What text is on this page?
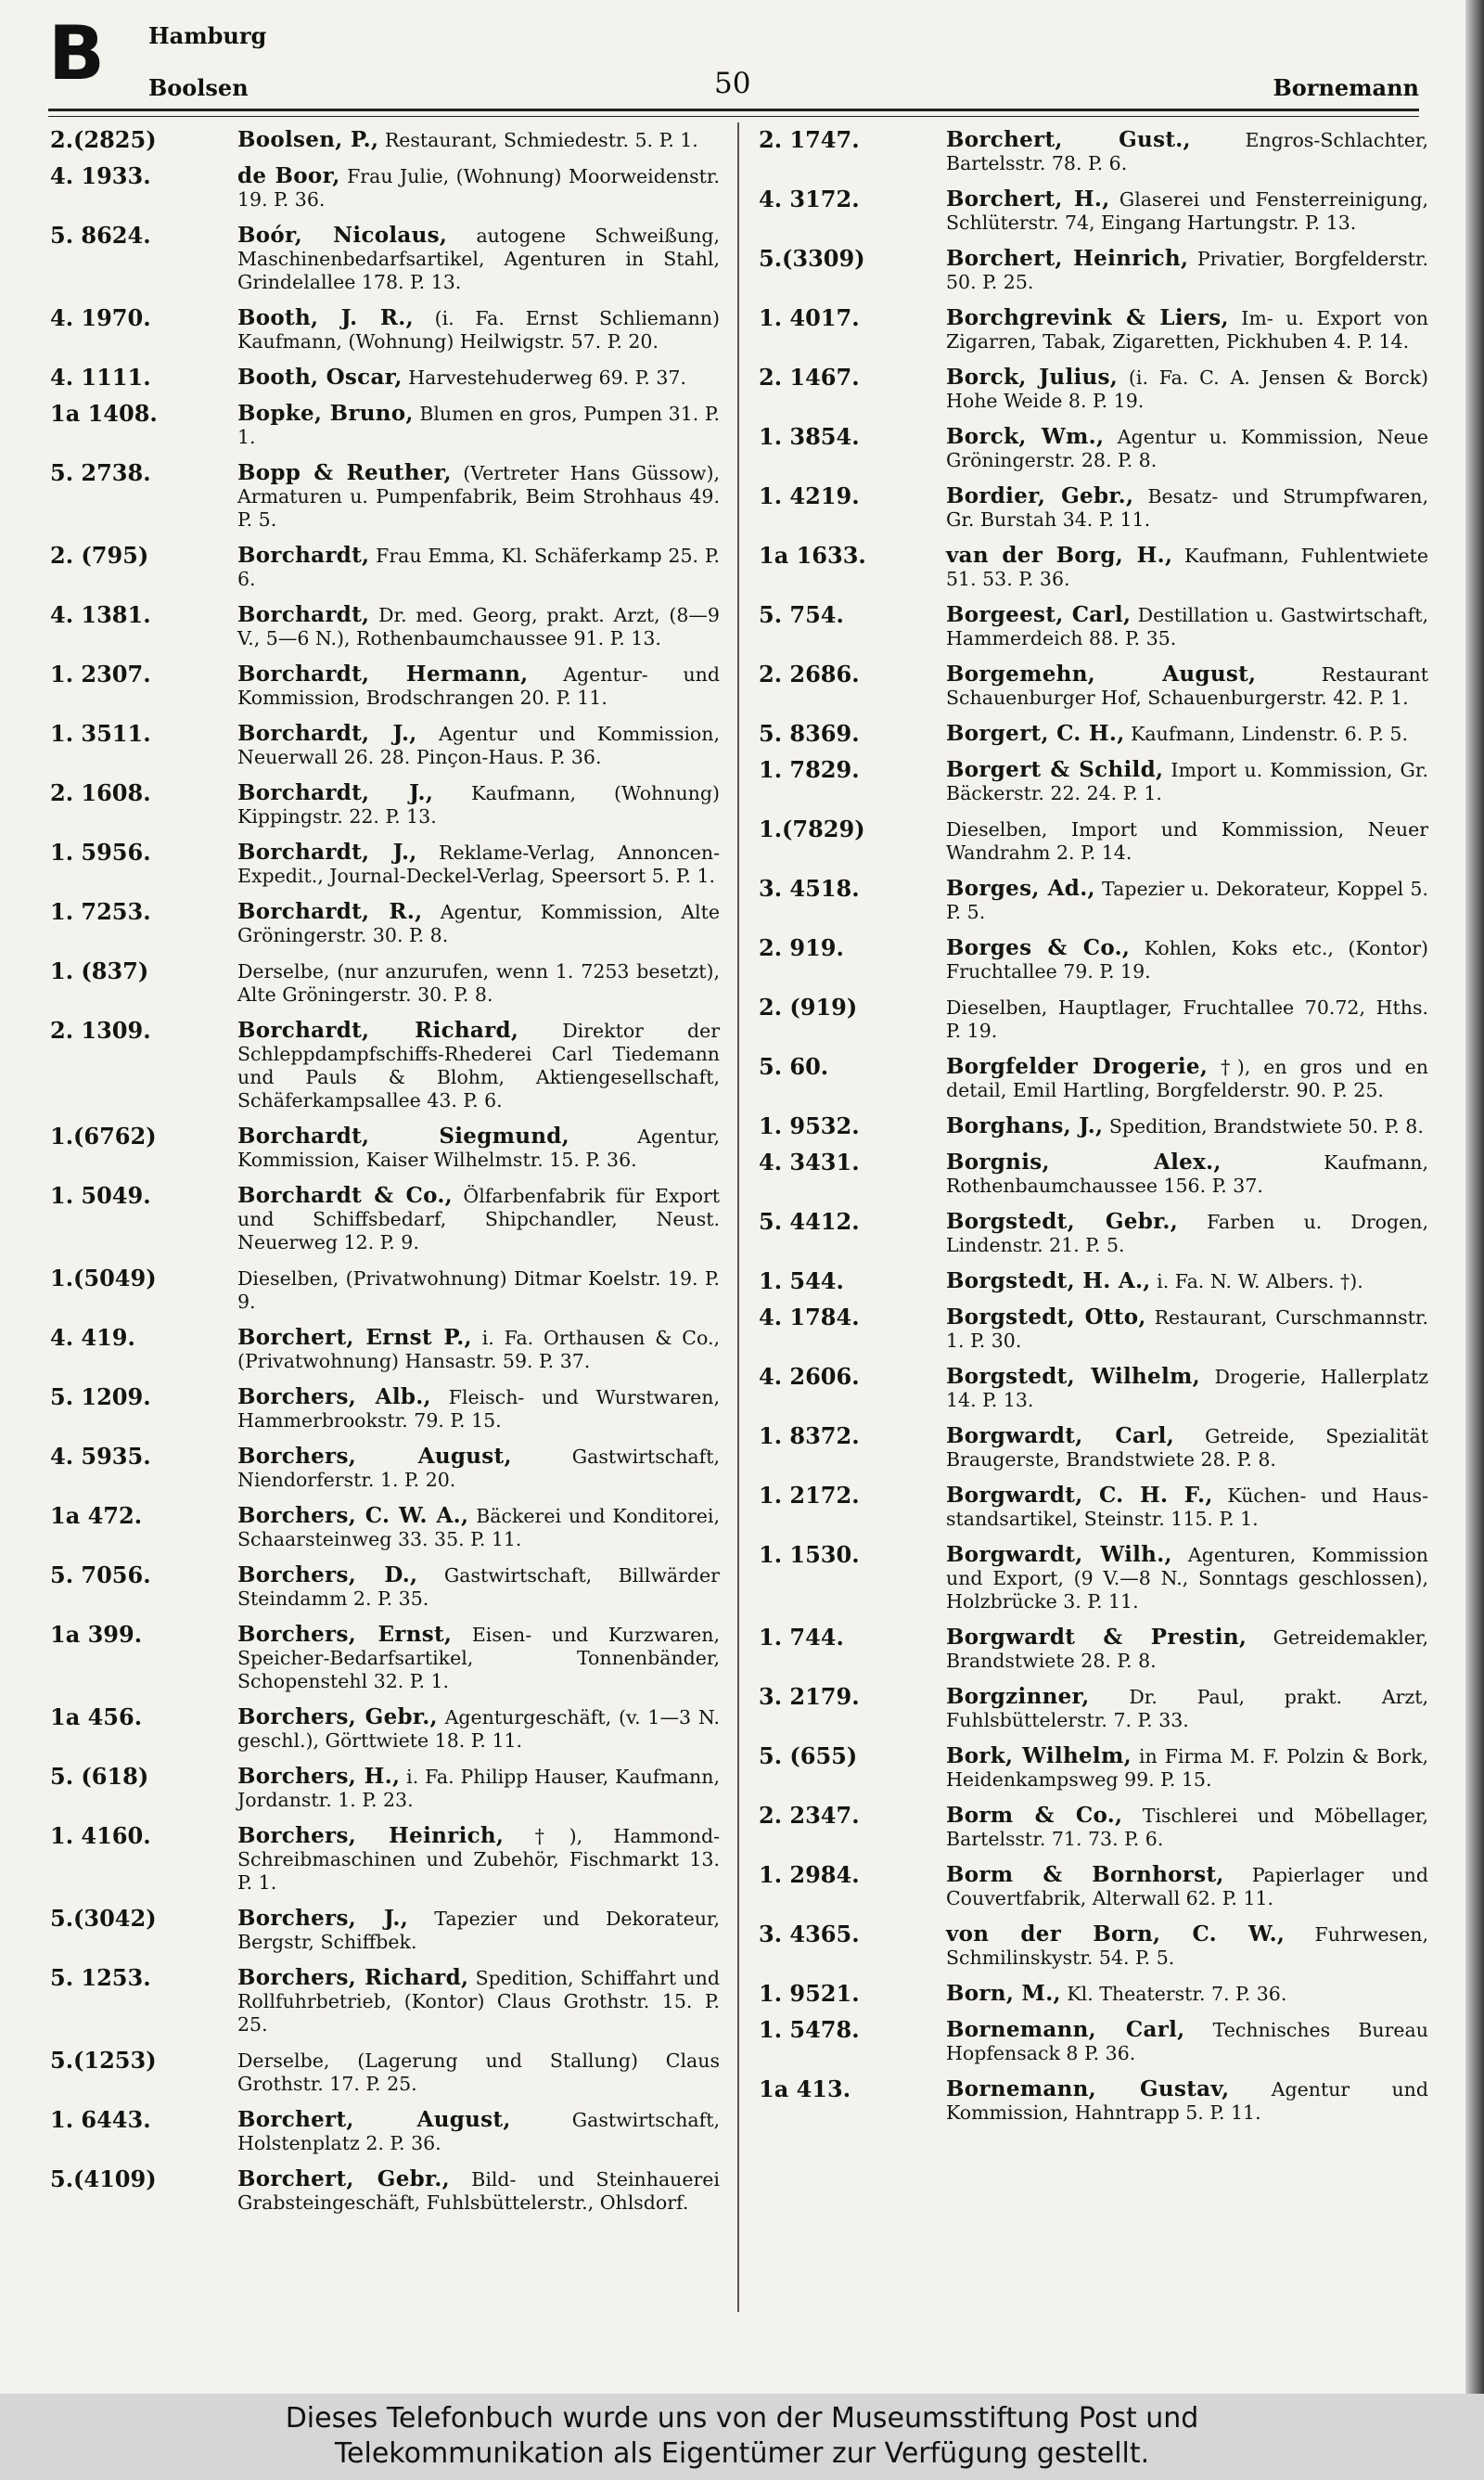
B Hamburg
Boolsen	50	Bornemann
2.(2825)	Boolsen, P., Restaurant, Schmiedestr. 5. P. 1.
4. 1933.	de Boor, Frau Julie, (Wohnung) Moorweidenstr. 19. P. 36.
5. 8624.	Boór, Nicolaus, autogene Schweißung, Maschinenbedarfsartikel, Agenturen in Stahl, Grindelallee 178. P. 13.
4. 1970.	Booth, J. R., (i. Fa. Ernst Schliemann) Kaufmann, (Wohnung) Heilwigstr. 57. P. 20.
4. 1111.	Booth, Oscar, Harvestehuderweg 69. P. 37.
1a 1408.	Bopke, Bruno, Blumen en gros, Pumpen 31. P. 1.
5. 2738.	Bopp & Reuther, (Vertreter Hans Güssow), Armaturen u. Pumpenfabrik, Beim Strohhaus 49. P. 5.
2. (795)	Borchardt, Frau Emma, Kl. Schäferkamp 25. P. 6.
4. 1381.	Borchardt, Dr. med. Georg, prakt. Arzt, (8—9 V., 5—6 N.), Rothenbaumchaussee 91. P. 13.
1. 2307.	Borchardt, Hermann, Agentur- und Kommission, Brodschrangen 20. P. 11.
1. 3511.	Borchardt, J., Agentur und Kommission, Neuerwall 26. 28. Pinçon-Haus. P. 36.
2. 1608.	Borchardt, J., Kaufmann, (Wohnung) Kippingstr. 22. P. 13.
1. 5956.	Borchardt, J., Reklame-Verlag, Annoncen-Expedit., Journal-Deckel-Verlag, Speersort 5. P. 1.
1. 7253.	Borchardt, R., Agentur, Kommission, Alte Gröningerstr. 30. P. 8.
1. (837)	Derselbe, (nur anzurufen, wenn 1. 7253 besetzt), Alte Gröningerstr. 30. P. 8.
2. 1309.	Borchardt, Richard, Direktor der Schleppdampfschiffs-Rhederei Carl Tiedemann und Pauls & Blohm, Aktiengesellschaft, Schäferkampsallee 43. P. 6.
1.(6762)	Borchardt, Siegmund,	Agentur, Kommission, Kaiser Wilhelmstr. 15. P. 36.
1. 5049.	Borchardt & Co., Ölfarbenfabrik für Export und Schiffsbedarf, Shipchandler, Neust. Neuerweg 12. P. 9.
1.(5049)	Dieselben, (Privatwohnung) Ditmar Koelstr. 19. P. 9.
4. 419.	Borchert, Ernst P., i. Fa. Orthausen & Co., (Privatwohnung) Hansastr. 59. P. 37.
5. 1209.	Borchers, Alb., Fleisch- und Wurstwaren, Hammerbrookstr. 79. P. 15.
4. 5935.	Borchers, August,	Gastwirtschaft, Niendorferstr. 1. P. 20.
1a 472.	Borchers, C. W. A., Bäckerei und Konditorei, Schaarsteinweg 33. 35. P. 11.
5. 7056.	Borchers, D., Gastwirtschaft, Billwärder Steindamm 2. P. 35.
1a 399.	Borchers, Ernst, Eisen- und Kurzwaren, Speicher-Bedarfsartikel, Tonnenbänder, Schopenstehl 32. P. 1.
1a 456.	Borchers, Gebr., Agenturgeschäft, (v. 1—3 N. geschl.), Görttwiete 18. P. 11.
5. (618)	Borchers, H., i. Fa. Philipp Hauser, Kaufmann, Jordanstr. 1. P. 23.
1. 4160.	Borchers, Heinrich, †), Hammond-Schreibmaschinen und Zubehör, Fischmarkt 13. P. 1.
5.(3042)	Borchers, J., Tapezier und Dekorateur, Bergstr, Schiffbek.
5. 1253.	Borchers, Richard, Spedition, Schiffahrt und Rollfuhrbetrieb, (Kontor) Claus Grothstr. 15. P. 25.
5.(1253)	Derselbe, (Lagerung und Stallung) Claus Grothstr. 17. P. 25.
1. 6443.	Borchert, August,	Gastwirtschaft, Holstenplatz 2. P. 36.
5.(4109)	Borchert, Gebr., Bild- und Steinhauerei Grabsteingeschäft, Fuhlsbüttelerstr., Ohlsdorf.
2. 1747.	Borchert, Gust.,	Engros-Schlachter, Bartelsstr. 78. P. 6.
4. 3172.	Borchert, H., Glaserei und Fensterreinigung, Schlüterstr. 74, Eingang Hartungstr. P. 13.
5.(3309)	Borchert, Heinrich, Privatier, Borgfelderstr. 50. P. 25.
1. 4017.	Borchgrevink & Liers, Im- u. Export von Zigarren, Tabak, Zigaretten, Pickhuben 4. P. 14.
2. 1467.	Borck, Julius, (i. Fa. C. A. Jensen & Borck) Hohe Weide 8. P. 19.
1. 3854.	Borck, Wm., Agentur u. Kommission, Neue Gröningerstr. 28. P. 8.
1. 4219.	Bordier, Gebr., Besatz- und Strumpfwaren, Gr. Burstah 34. P. 11.
1a 1633.	van der Borg, H., Kaufmann, Fuhlentwiete 51. 53. P. 36.
5. 754.	Borgeest, Carl, Destillation u. Gastwirtschaft, Hammerdeich 88. P. 35.
2. 2686.	Borgemehn, August,	Restaurant Schauenburger Hof, Schauenburgerstr. 42. P. 1.
5. 8369.	Borgert, C. H., Kaufmann, Lindenstr. 6. P. 5.
1. 7829.	Borgert & Schild, Import u. Kommission, Gr. Bäckerstr. 22. 24. P. 1.
1.(7829)	Dieselben, Import und Kommission, Neuer Wandrahm 2. P. 14.
3. 4518.	Borges, Ad., Tapezier u. Dekorateur, Koppel 5. P. 5.
2. 919.	Borges & Co., Kohlen, Koks etc., (Kontor) Fruchtallee 79. P. 19.
2. (919)	Dieselben, Hauptlager, Fruchtallee 70.72, Hths. P. 19.
5. 60.	Borgfelder Drogerie, †), en gros und en detail, Emil Hartling, Borgfelderstr. 90. P. 25.
1. 9532.	Borghans, J., Spedition, Brandstwiete 50. P. 8.
4. 3431.	Borgnis, Alex.,	Kaufmann, Rothenbaumchaussee 156. P. 37.
5. 4412.	Borgstedt, Gebr., Farben u. Drogen, Lindenstr. 21. P. 5.
1. 544.	Borgstedt, H. A., i. Fa. N. W. Albers. †).
4. 1784.	Borgstedt, Otto, Restaurant, Curschmannstr. 1. P. 30.
4. 2606.	Borgstedt, Wilhelm, Drogerie, Hallerplatz 14. P. 13.
1. 8372.	Borgwardt, Carl, Getreide, Spezialität Braugerste, Brandstwiete 28. P. 8.
1. 2172.	Borgwardt, C. H. F., Küchen- und Haus-standsartikel, Steinstr. 115. P. 1.
1. 1530.	Borgwardt, Wilh., Agenturen, Kommission und Export, (9 V.—8 N., Sonntags geschlossen), Holzbrücke 3. P. 11.
1. 744.	Borgwardt & Prestin, Getreidemakler, Brandstwiete 28. P. 8.
3. 2179.	Borgzinner, Dr. Paul, prakt. Arzt, Fuhlsbüttelerstr. 7. P. 33.
5. (655)	Bork, Wilhelm, in Firma M. F. Polzin & Bork, Heidenkampsweg 99. P. 15.
2. 2347.	Borm & Co., Tischlerei und Möbellager, Bartelsstr. 71. 73. P. 6.
1. 2984.	Borm & Bornhorst, Papierlager und Couvertfabrik, Alterwall 62. P. 11.
3. 4365.	von der Born, C. W., Fuhrwesen, Schmilinskystr. 54. P. 5.
1. 9521.	Born, M., Kl. Theaterstr. 7. P. 36.
1. 5478.	Bornemann, Carl, Technisches Bureau Hopfensack 8 P. 36.
1a 413.	Bornemann, Gustav, Agentur und Kommission, Hahntrapp 5. P. 11.
Dieses Telefonbuch wurde uns von der Museumsstiftung Post und
Telekommunikation als Eigentümer zur Verfügung gestellt.
